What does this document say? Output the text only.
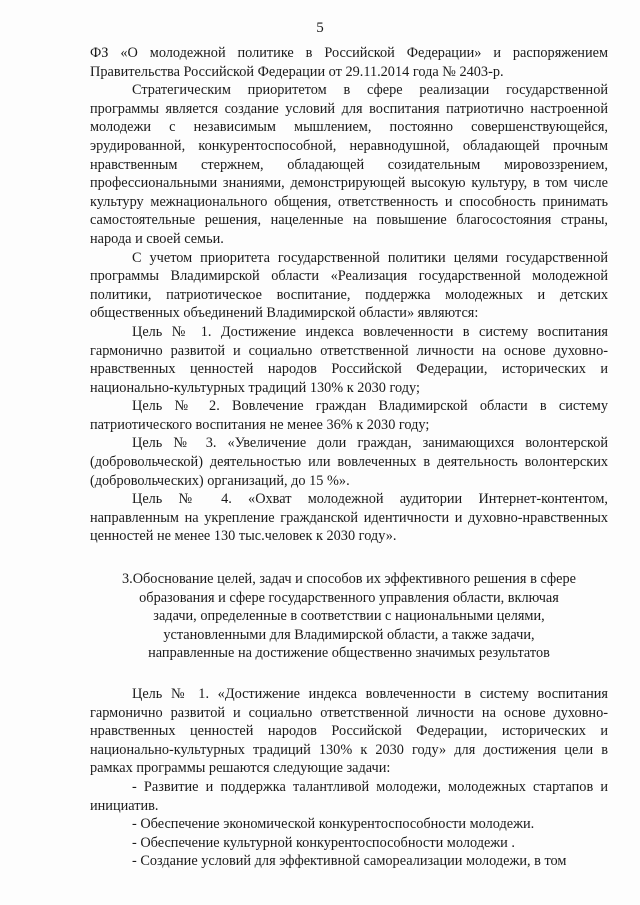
5

ФЗ «О молодежной политике в Российской Федерации» и распоряжением Правительства Российской Федерации от 29.11.2014 года № 2403-р.

Стратегическим приоритетом в сфере реализации государственной программы является создание условий для воспитания патриотично настроенной молодежи с независимым мышлением, постоянно совершенствующейся, эрудированной, конкурентоспособной, неравнодушной, обладающей прочным нравственным стержнем, обладающей созидательным мировоззрением, профессиональными знаниями, демонстрирующей высокую культуру, в том числе культуру межнационального общения, ответственность и способность принимать самостоятельные решения, нацеленные на повышение благосостояния страны, народа и своей семьи.

С учетом приоритета государственной политики целями государственной программы Владимирской области «Реализация государственной молодежной политики, патриотическое воспитание, поддержка молодежных и детских общественных объединений Владимирской области» являются:

Цель № 1. Достижение индекса вовлеченности в систему воспитания гармонично развитой и социально ответственной личности на основе духовно-нравственных ценностей народов Российской Федерации, исторических и национально-культурных традиций 130% к 2030 году;

Цель № 2. Вовлечение граждан Владимирской области в систему патриотического воспитания не менее 36% к 2030 году;

Цель № 3. «Увеличение доли граждан, занимающихся волонтерской (добровольческой) деятельностью или вовлеченных в деятельность волонтерских (добровольческих) организаций, до 15 %».

Цель № 4. «Охват молодежной аудитории Интернет-контентом, направленным на укрепление гражданской идентичности и духовно-нравственных ценностей не менее 130 тыс.человек к 2030 году».

3.Обоснование целей, задач и способов их эффективного решения в сфере
образования и сфере государственного управления области, включая
задачи, определенные в соответствии с национальными целями,
установленными для Владимирской области, а также задачи,
направленные на достижение общественно значимых результатов

Цель № 1. «Достижение индекса вовлеченности в систему воспитания гармонично развитой и социально ответственной личности на основе духовно-нравственных ценностей народов Российской Федерации, исторических и национально-культурных традиций 130% к 2030 году» для достижения цели в рамках программы решаются следующие задачи:

- Развитие и поддержка талантливой молодежи, молодежных стартапов и инициатив.

- Обеспечение экономической конкурентоспособности молодежи.

- Обеспечение культурной конкурентоспособности молодежи .

- Создание условий для эффективной самореализации молодежи, в том
